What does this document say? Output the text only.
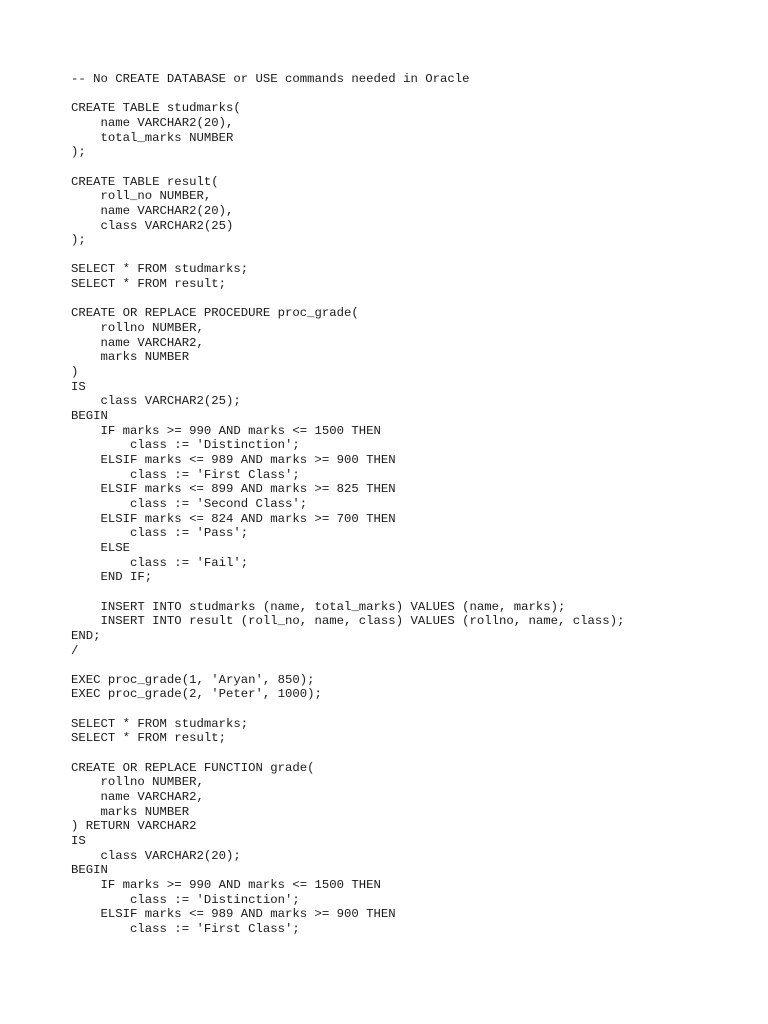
-- No CREATE DATABASE or USE commands needed in Oracle
CREATE TABLE studmarks(
name VARCHAR2(20),
total_marks NUMBER
);
CREATE TABLE result(
roll_no NUMBER,
name VARCHAR2(20),
class VARCHAR2(25)
);
SELECT * FROM studmarks;
SELECT * FROM result;
CREATE OR REPLACE PROCEDURE proc_grade(
rollno NUMBER,
name VARCHAR2,
marks NUMBER
)
IS
class VARCHAR2(25);
BEGIN
IF marks >= 990 AND marks <= 1500 THEN
class := 'Distinction';
ELSIF marks <= 989 AND marks >= 900 THEN
class := 'First Class';
ELSIF marks <= 899 AND marks >= 825 THEN
class := 'Second Class';
ELSIF marks <= 824 AND marks >= 700 THEN
class := 'Pass';
ELSE
class := 'Fail';
END IF;
INSERT INTO studmarks (name, total_marks) VALUES (name, marks);
INSERT INTO result (roll_no, name, class) VALUES (rollno, name, class);
END;
/
EXEC proc_grade(1, 'Aryan', 850);
EXEC proc_grade(2, 'Peter', 1000);
SELECT * FROM studmarks;
SELECT * FROM result;
CREATE OR REPLACE FUNCTION grade(
rollno NUMBER,
name VARCHAR2,
marks NUMBER
) RETURN VARCHAR2
IS
class VARCHAR2(20);
BEGIN
IF marks >= 990 AND marks <= 1500 THEN
class := 'Distinction';
ELSIF marks <= 989 AND marks >= 900 THEN
class := 'First Class';
